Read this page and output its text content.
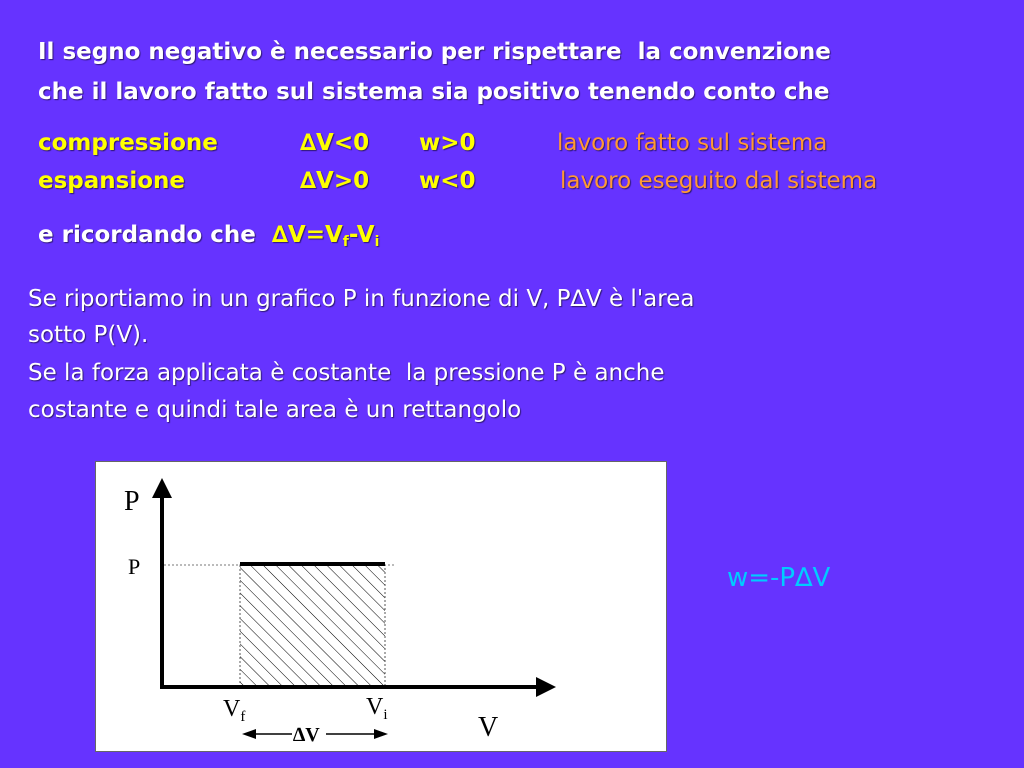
Il segno negativo è necessario per rispettare  la convenzione

che il lavoro fatto sul sistema sia positivo tenendo conto che

compressione	∆V<0 w>0	lavoro fatto sul sistema
espansione	∆V>0 w<0	lavoro eseguito dal sistema

e ricordando che  $\Delta V=V_f-V_i$

Se riportiamo in un grafico P in funzione di V, P∆V è l'area

sotto P(V).

Se la forza applicata è costante  la pressione P è anche

costante e quindi tale area è un rettangolo

P
P
V
$V_f$	$V_i$
∆V
w=-P∆V
